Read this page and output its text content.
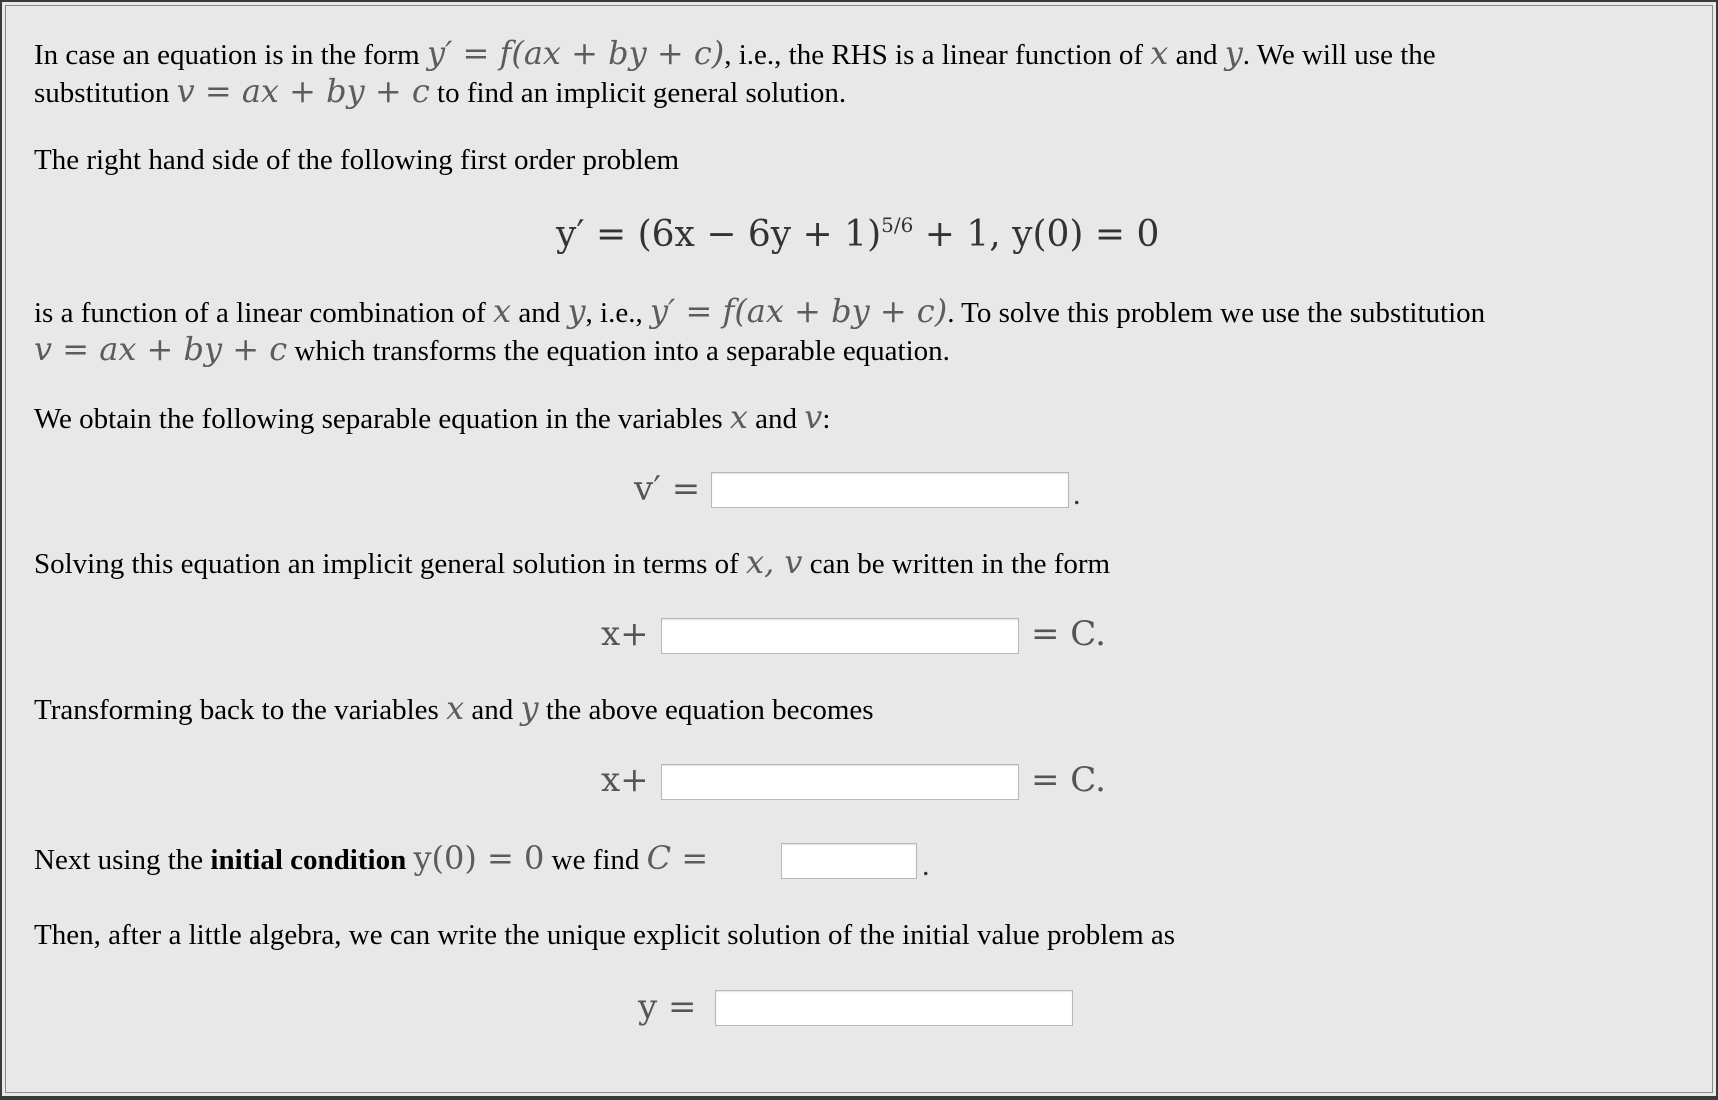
In case an equation is in the form y′ = f(ax + by + c), i.e., the RHS is a linear function of x and y. We will use the
substitution v = ax + by + c to find an implicit general solution.
The right hand side of the following first order problem
$y' = (6x - 6y + 1)^{5/6} + 1$, y(0) = 0
is a function of a linear combination of x and y, i.e., y′ = f(ax + by + c). To solve this problem we use the substitution
v = ax + by + c which transforms the equation into a separable equation.
We obtain the following separable equation in the variables x and v:
v′ =	.
Solving this equation an implicit general solution in terms of x, v can be written in the form
x+	= C.
Transforming back to the variables x and y the above equation becomes
x+	= C.
Next using the initial condition y(0) = 0 we find C =	.
Then, after a little algebra, we can write the unique explicit solution of the initial value problem as
y =
